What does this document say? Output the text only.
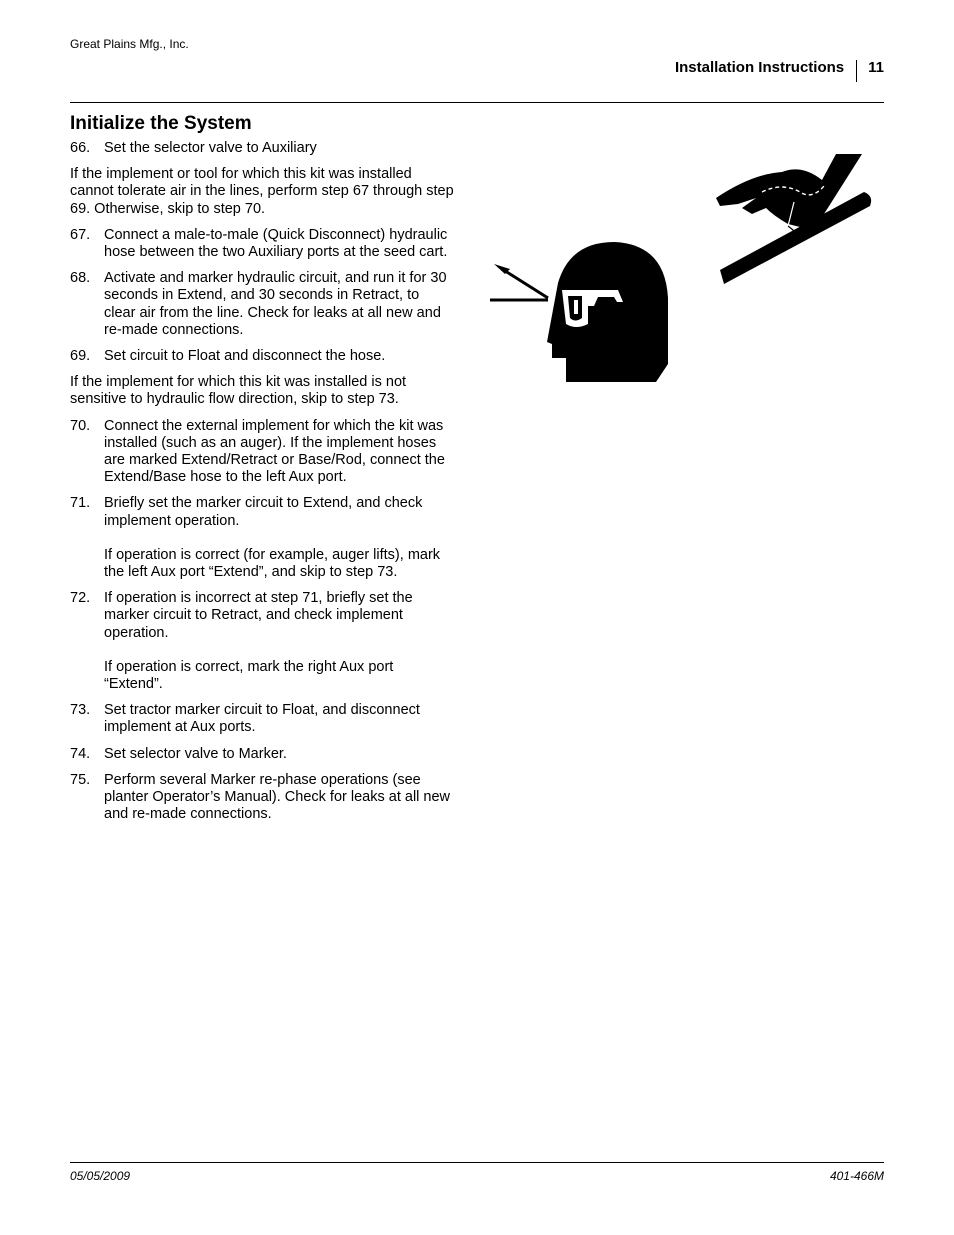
Great Plains Mfg., Inc.
Installation Instructions 11
Initialize the System
66. Set the selector valve to Auxiliary

If the implement or tool for which this kit was installed cannot tolerate air in the lines, perform step 67 through step 69. Otherwise, skip to step 70.

67. Connect a male-to-male (Quick Disconnect) hydraulic hose between the two Auxiliary ports at the seed cart.
68. Activate and marker hydraulic circuit, and run it for 30 seconds in Extend, and 30 seconds in Retract, to clear air from the line. Check for leaks at all new and re-made connections.
69. Set circuit to Float and disconnect the hose.

If the implement for which this kit was installed is not sensitive to hydraulic flow direction, skip to step 73.

70. Connect the external implement for which the kit was installed (such as an auger). If the implement hoses are marked Extend/Retract or Base/Rod, connect the Extend/Base hose to the left Aux port.
71. Briefly set the marker circuit to Extend, and check implement operation.
If operation is correct (for example, auger lifts), mark the left Aux port “Extend”, and skip to step 73.
72. If operation is incorrect at step 71, briefly set the marker circuit to Retract, and check implement operation.
If operation is correct, mark the right Aux port “Extend”.
73. Set tractor marker circuit to Float, and disconnect implement at Aux ports.
74. Set selector valve to Marker.
75. Perform several Marker re-phase operations (see planter Operator’s Manual). Check for leaks at all new and re-made connections.
05/05/2009	401-466M
